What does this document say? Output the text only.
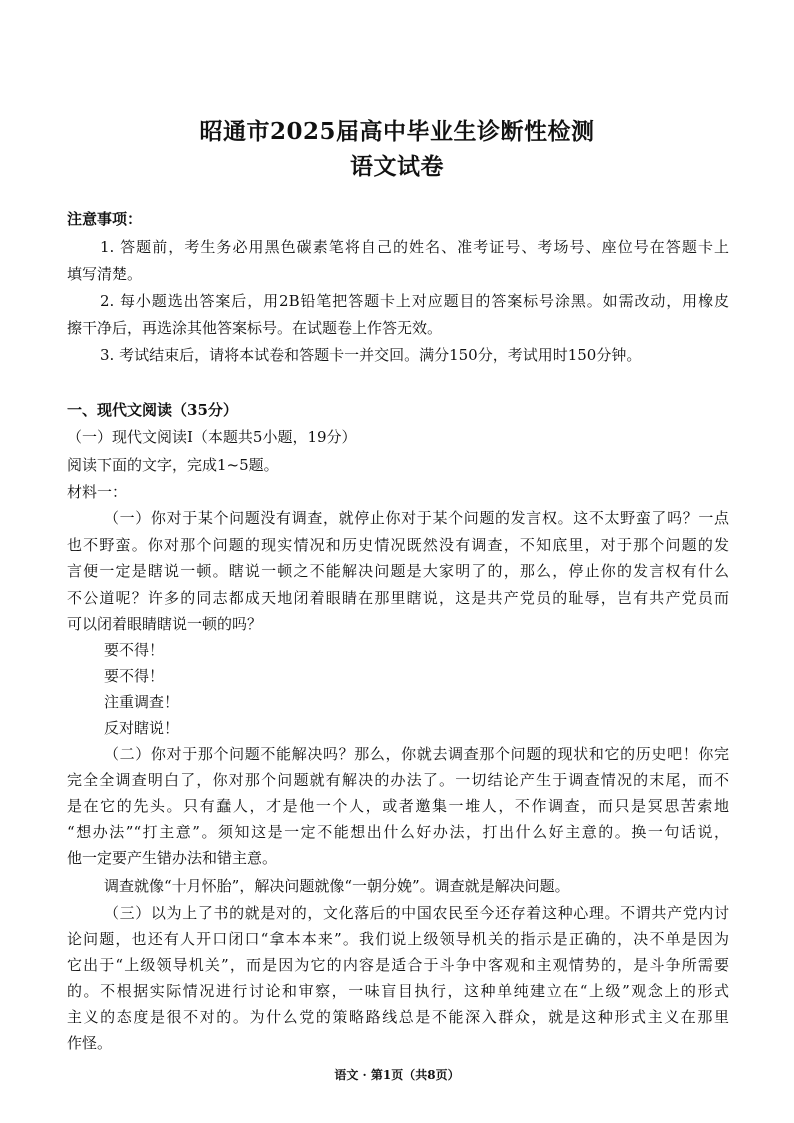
昭通市2025届高中毕业生诊断性检测
语文试卷
注意事项：
1. 答题前，考生务必用黑色碳素笔将自己的姓名、准考证号、考场号、座位号在答题卡上
填写清楚。
2. 每小题选出答案后，用2B铅笔把答题卡上对应题目的答案标号涂黑。如需改动，用橡皮
擦干净后，再选涂其他答案标号。在试题卷上作答无效。
3. 考试结束后，请将本试卷和答题卡一并交回。满分150分，考试用时150分钟。
一、现代文阅读（35分）
（一）现代文阅读Ⅰ（本题共5小题，19分）
阅读下面的文字，完成1~5题。
材料一：
（一）你对于某个问题没有调查，就停止你对于某个问题的发言权。这不太野蛮了吗？一点
也不野蛮。你对那个问题的现实情况和历史情况既然没有调查，不知底里，对于那个问题的发
言便一定是瞎说一顿。瞎说一顿之不能解决问题是大家明了的，那么，停止你的发言权有什么
不公道呢？许多的同志都成天地闭着眼睛在那里瞎说，这是共产党员的耻辱，岂有共产党员而
可以闭着眼睛瞎说一顿的吗？
要不得！
要不得！
注重调查！
反对瞎说！
（二）你对于那个问题不能解决吗？那么，你就去调查那个问题的现状和它的历史吧！你完
完全全调查明白了，你对那个问题就有解决的办法了。一切结论产生于调查情况的末尾，而不
是在它的先头。只有蠢人，才是他一个人，或者邀集一堆人，不作调查，而只是冥思苦索地
“想办法”“打主意”。须知这是一定不能想出什么好办法，打出什么好主意的。换一句话说，
他一定要产生错办法和错主意。
调查就像“十月怀胎”，解决问题就像“一朝分娩”。调查就是解决问题。
（三）以为上了书的就是对的，文化落后的中国农民至今还存着这种心理。不谓共产党内讨
论问题，也还有人开口闭口“拿本本来”。我们说上级领导机关的指示是正确的，决不单是因为
它出于“上级领导机关”，而是因为它的内容是适合于斗争中客观和主观情势的，是斗争所需要
的。不根据实际情况进行讨论和审察，一味盲目执行，这种单纯建立在“上级”观念上的形式
主义的态度是很不对的。为什么党的策略路线总是不能深入群众，就是这种形式主义在那里
作怪。
语文 · 第1页（共8页）
